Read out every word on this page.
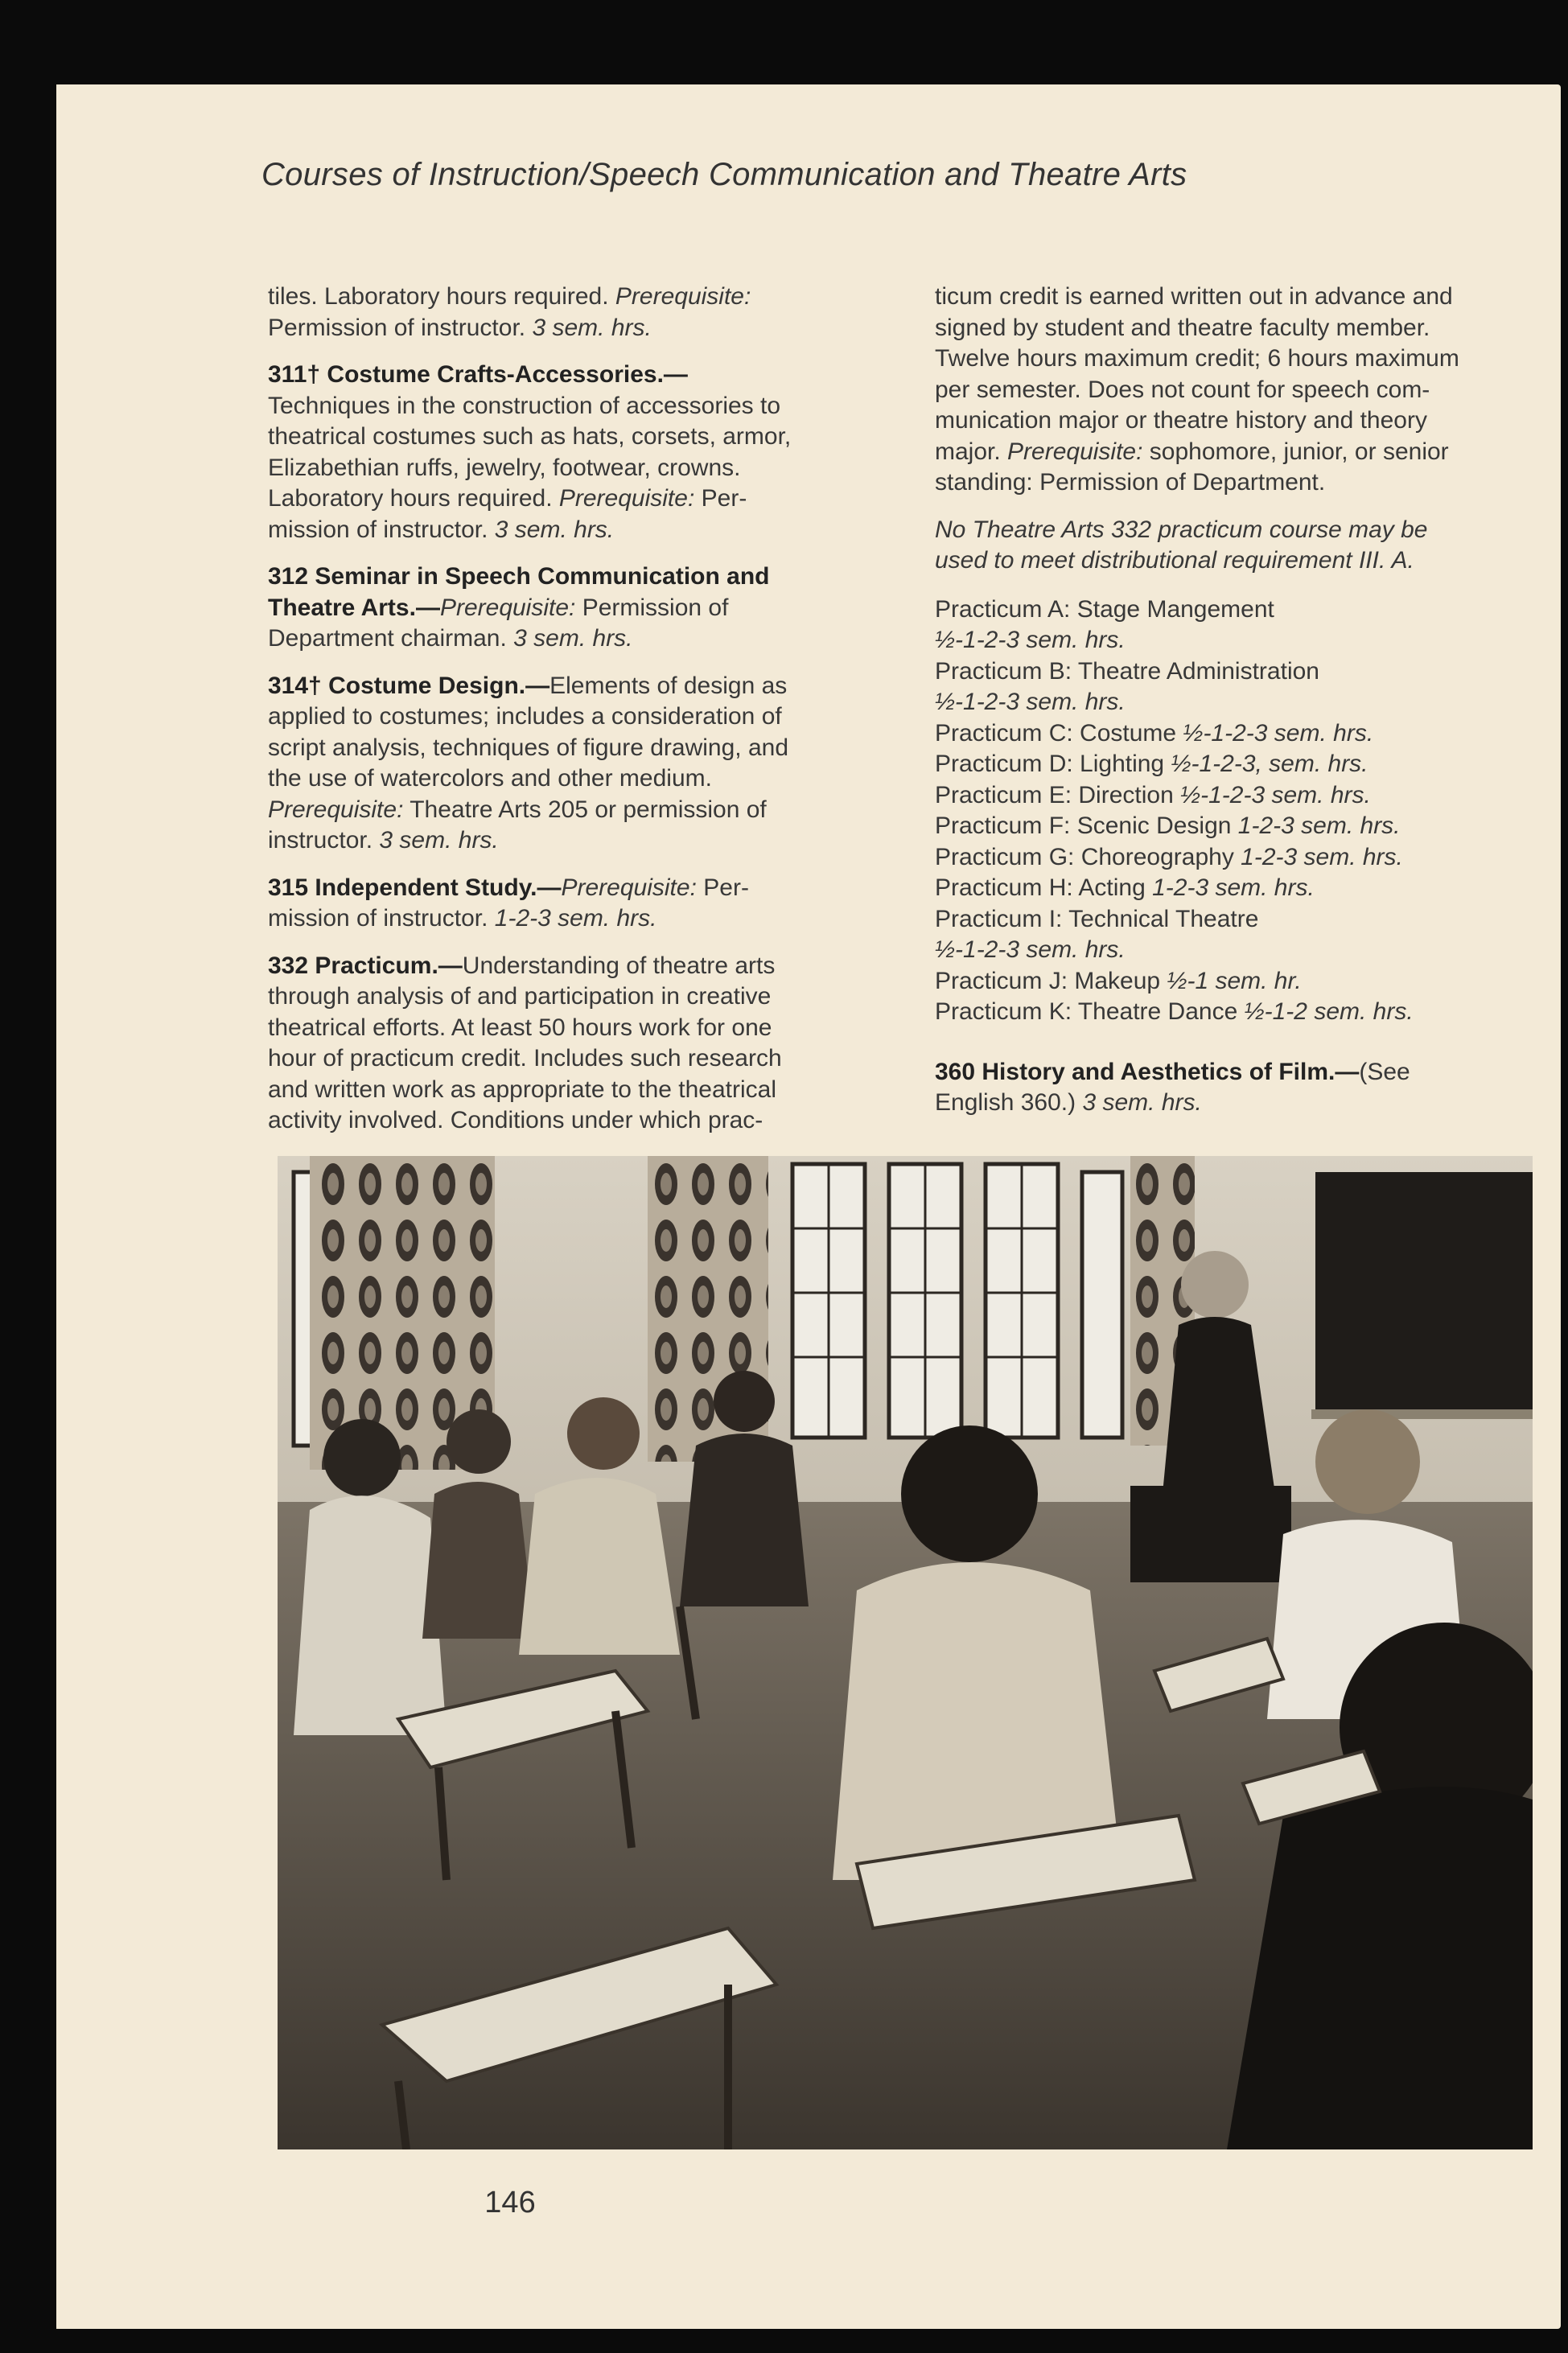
Courses of Instruction/Speech Communication and Theatre Arts

tiles. Laboratory hours required. Prerequisite:
Permission of instructor. 3 sem. hrs.

311† Costume Crafts-Accessories.—
Techniques in the construction of accessories to
theatrical costumes such as hats, corsets, armor,
Elizabethian ruffs, jewelry, footwear, crowns.
Laboratory hours required. Prerequisite: Per-
mission of instructor. 3 sem. hrs.

312 Seminar in Speech Communication and
Theatre Arts.—Prerequisite: Permission of
Department chairman. 3 sem. hrs.

314† Costume Design.—Elements of design as
applied to costumes; includes a consideration of
script analysis, techniques of figure drawing, and
the use of watercolors and other medium.
Prerequisite: Theatre Arts 205 or permission of
instructor. 3 sem. hrs.

315 Independent Study.—Prerequisite: Per-
mission of instructor. 1-2-3 sem. hrs.

332 Practicum.—Understanding of theatre arts
through analysis of and participation in creative
theatrical efforts. At least 50 hours work for one
hour of practicum credit. Includes such research
and written work as appropriate to the theatrical
activity involved. Conditions under which prac-

ticum credit is earned written out in advance and
signed by student and theatre faculty member.
Twelve hours maximum credit; 6 hours maximum
per semester. Does not count for speech com-
munication major or theatre history and theory
major. Prerequisite: sophomore, junior, or senior
standing: Permission of Department.

No Theatre Arts 332 practicum course may be
used to meet distributional requirement III. A.

Practicum A: Stage Mangement
½-1-2-3 sem. hrs.
Practicum B: Theatre Administration
½-1-2-3 sem. hrs.
Practicum C: Costume ½-1-2-3 sem. hrs.
Practicum D: Lighting ½-1-2-3, sem. hrs.
Practicum E: Direction ½-1-2-3 sem. hrs.
Practicum F: Scenic Design 1-2-3 sem. hrs.
Practicum G: Choreography 1-2-3 sem. hrs.
Practicum H: Acting 1-2-3 sem. hrs.
Practicum I: Technical Theatre
½-1-2-3 sem. hrs.
Practicum J: Makeup ½-1 sem. hr.
Practicum K: Theatre Dance ½-1-2 sem. hrs.

360 History and Aesthetics of Film.—(See
English 360.) 3 sem. hrs.

146
